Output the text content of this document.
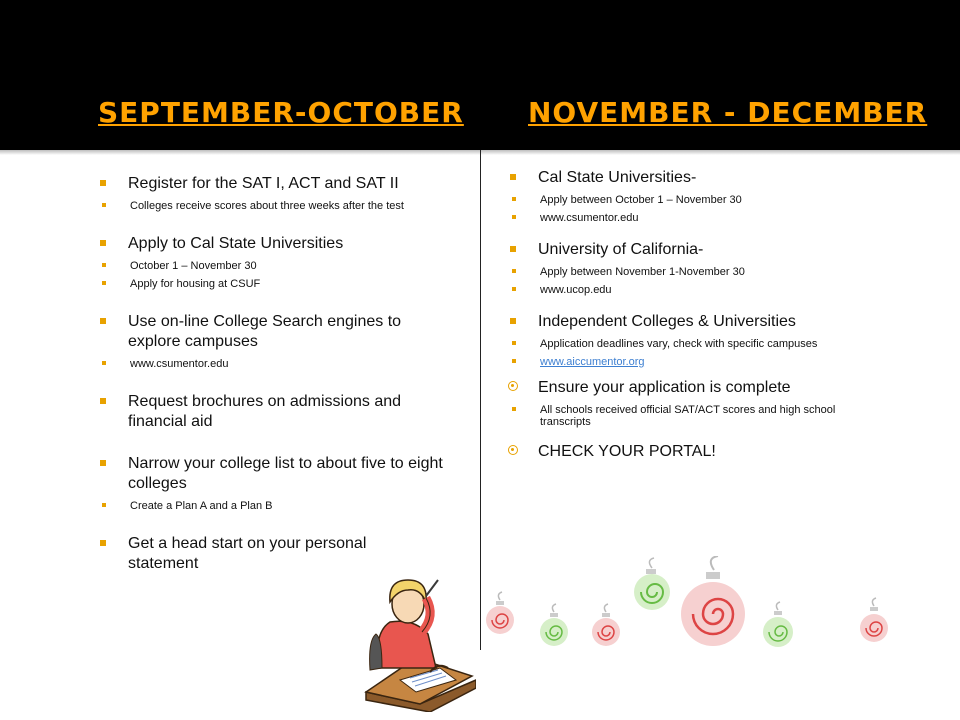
SEPTEMBER-OCTOBER NOVEMBER - DECEMBER
Register for the SAT I, ACT and SAT II
Colleges receive scores about three weeks after the test
Apply to Cal State Universities
October 1 – November 30
Apply for housing at CSUF
Use on-line College Search engines to explore campuses
www.csumentor.edu
Request brochures on admissions and financial aid
Narrow your college list to about five to eight colleges
Create a Plan A and a Plan B
Get a head start on your personal statement
Cal State Universities-
Apply between October 1 – November 30
www.csumentor.edu
University of California-
Apply between November 1-November 30
www.ucop.edu
Independent Colleges & Universities
Application deadlines vary, check with specific campuses
www.aiccumentor.org
Ensure your application is complete
All schools received official SAT/ACT scores and high school transcripts
CHECK YOUR PORTAL!
